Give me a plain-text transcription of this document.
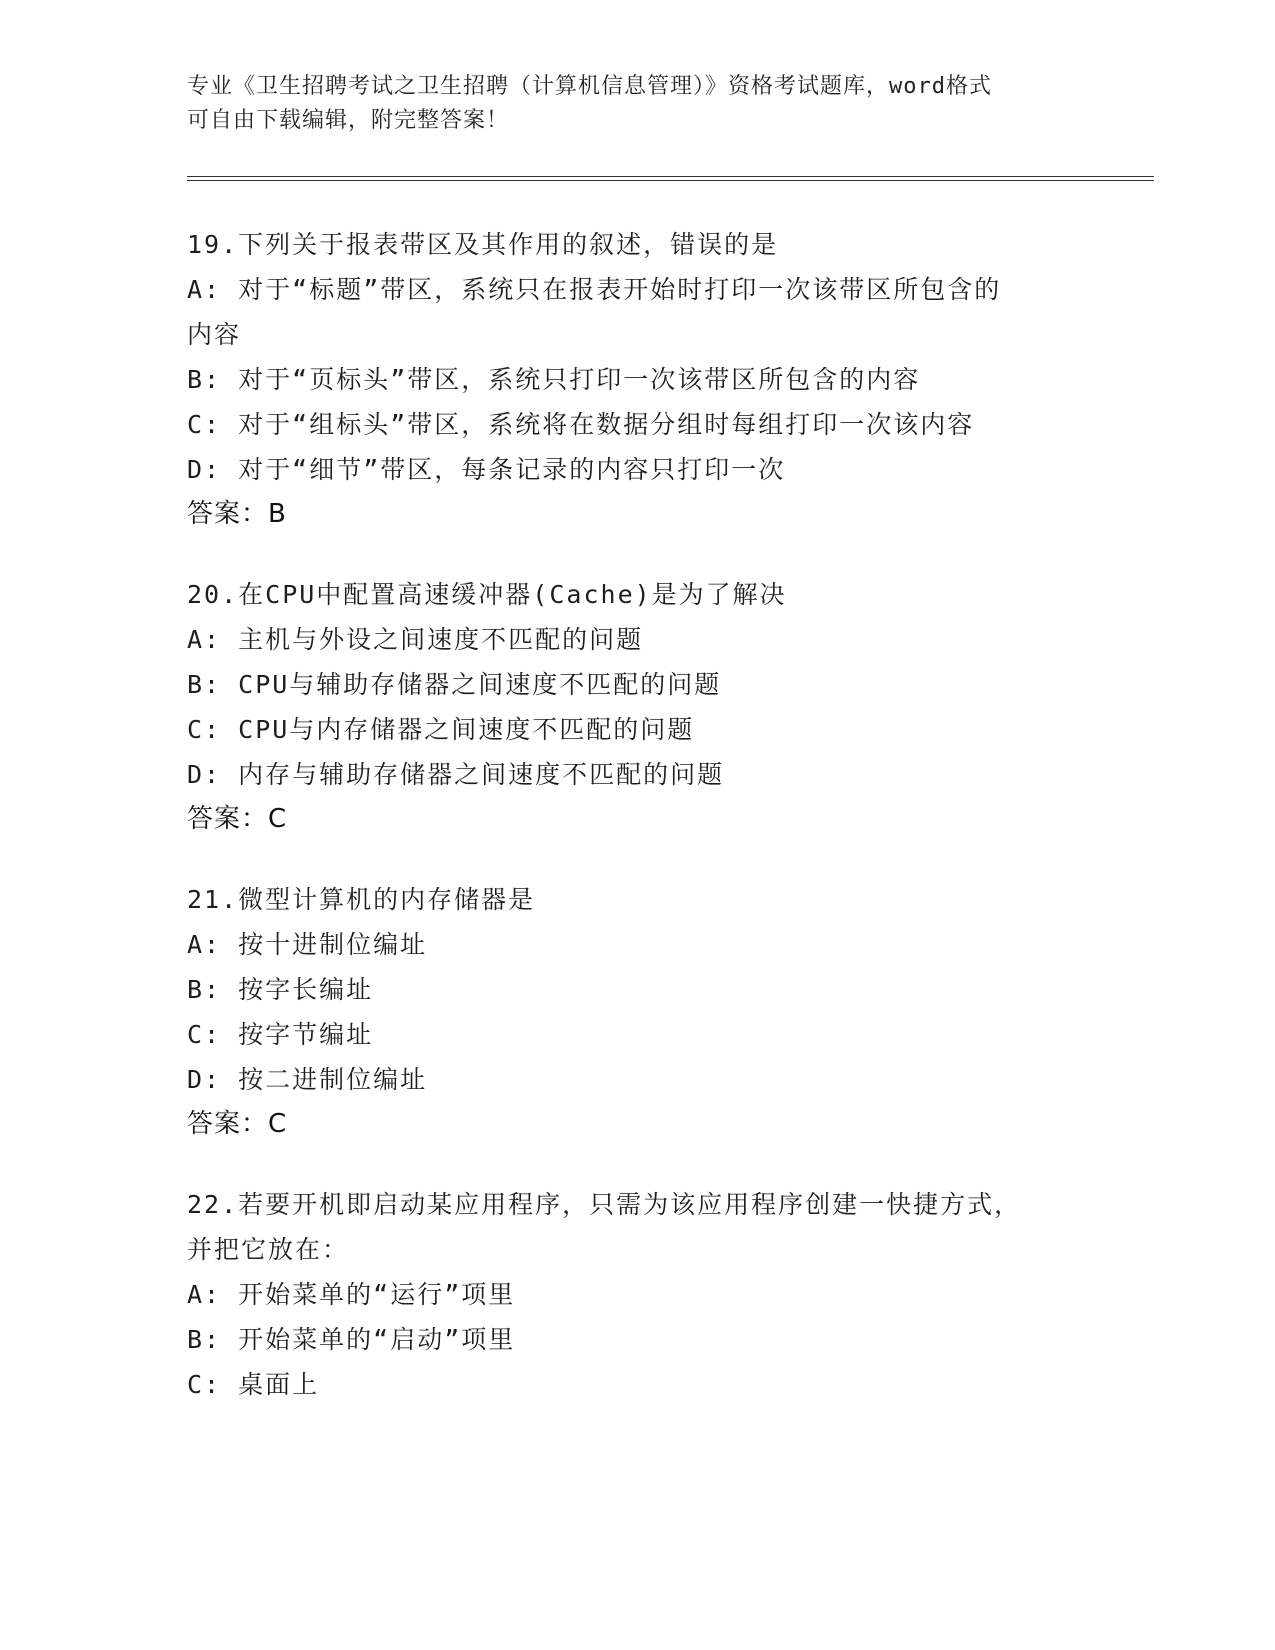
专业《卫生招聘考试之卫生招聘（计算机信息管理）》资格考试题库，word格式
可自由下载编辑，附完整答案！
19.下列关于报表带区及其作用的叙述，错误的是
A: 对于“标题”带区，系统只在报表开始时打印一次该带区所包含的
内容
B: 对于“页标头”带区，系统只打印一次该带区所包含的内容
C: 对于“组标头”带区，系统将在数据分组时每组打印一次该内容
D: 对于“细节”带区，每条记录的内容只打印一次
答案：B
20.在CPU中配置高速缓冲器(Cache)是为了解决
A: 主机与外设之间速度不匹配的问题
B: CPU与辅助存储器之间速度不匹配的问题
C: CPU与内存储器之间速度不匹配的问题
D: 内存与辅助存储器之间速度不匹配的问题
答案：C
21.微型计算机的内存储器是
A: 按十进制位编址
B: 按字长编址
C: 按字节编址
D: 按二进制位编址
答案：C
22.若要开机即启动某应用程序，只需为该应用程序创建一快捷方式，
并把它放在：
A: 开始菜单的“运行”项里
B: 开始菜单的“启动”项里
C: 桌面上
